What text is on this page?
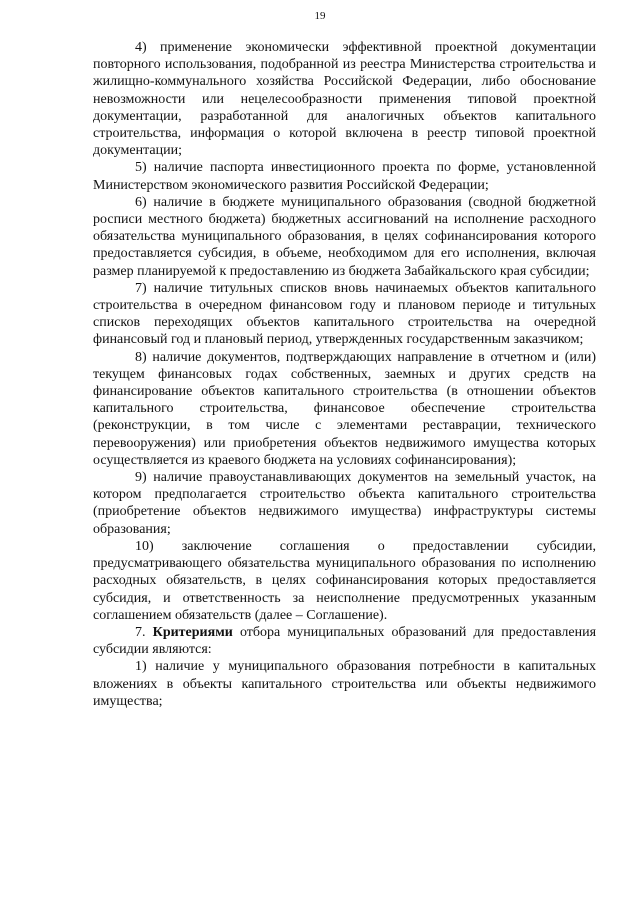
19

4) применение экономически эффективной проектной документации повторного использования, подобранной из реестра Министерства строительства и жилищно-коммунального хозяйства Российской Федерации, либо обоснование невозможности или нецелесообразности применения типовой проектной документации, разработанной для аналогичных объектов капитального строительства, информация о которой включена в реестр типовой проектной документации;

5) наличие паспорта инвестиционного проекта по форме, установленной Министерством экономического развития Российской Федерации;

6) наличие в бюджете муниципального образования (сводной бюджетной росписи местного бюджета) бюджетных ассигнований на исполнение расходного обязательства муниципального образования, в целях софинансирования которого предоставляется субсидия, в объеме, необходимом для его исполнения, включая размер планируемой к предоставлению из бюджета Забайкальского края субсидии;

7) наличие титульных списков вновь начинаемых объектов капитального строительства в очередном финансовом году и плановом периоде и титульных списков переходящих объектов капитального строительства на очередной финансовый год и плановый период, утвержденных государственным заказчиком;

8) наличие документов, подтверждающих направление в отчетном и (или) текущем финансовых годах собственных, заемных и других средств на финансирование объектов капитального строительства (в отношении объектов капитального строительства, финансовое обеспечение строительства (реконструкции, в том числе с элементами реставрации, технического перевооружения) или приобретения объектов недвижимого имущества которых осуществляется из краевого бюджета на условиях софинансирования);

9) наличие правоустанавливающих документов на земельный участок, на котором предполагается строительство объекта капитального строительства (приобретение объектов недвижимого имущества) инфраструктуры системы образования;

10) заключение соглашения о предоставлении субсидии, предусматривающего обязательства муниципального образования по исполнению расходных обязательств, в целях софинансирования которых предоставляется субсидия, и ответственность за неисполнение предусмотренных указанным соглашением обязательств (далее – Соглашение).

7. Критериями отбора муниципальных образований для предоставления субсидии являются:

1) наличие у муниципального образования потребности в капитальных вложениях в объекты капитального строительства или объекты недвижимого имущества;
